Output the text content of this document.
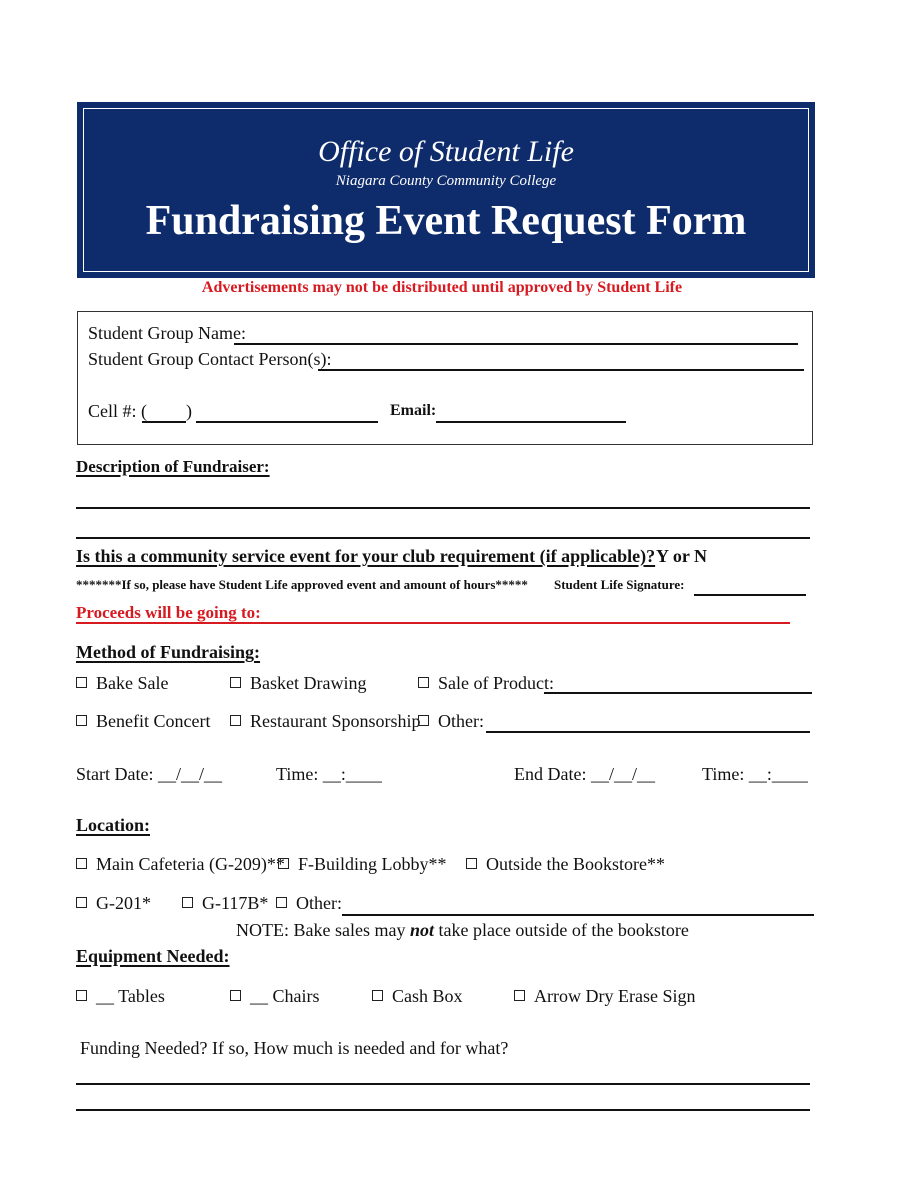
Office of Student Life
Niagara County Community College
Fundraising Event Request Form
Advertisements may not be distributed until approved by Student Life
Student Group Name:
Student Group Contact Person(s):
Cell #: ( )	Email:
Description of Fundraiser:
Is this a community service event for your club requirement (if applicable)? Y or N
*******If so, please have Student Life approved event and amount of hours***** Student Life Signature:
Proceeds will be going to:
Method of Fundraising:
Bake Sale	Basket Drawing	Sale of Product:
Benefit Concert	Restaurant Sponsorship Other:
Start Date: __/__/__	Time: __:____	End Date: __/__/__	Time: __:____
Location:
Main Cafeteria (G-209)** F-Building Lobby**	Outside the Bookstore**
G-201*	G-117B*	Other:
NOTE: Bake sales may not take place outside of the bookstore
Equipment Needed:
__ Tables	__ Chairs	Cash Box	Arrow Dry Erase Sign
Funding Needed? If so, How much is needed and for what?
